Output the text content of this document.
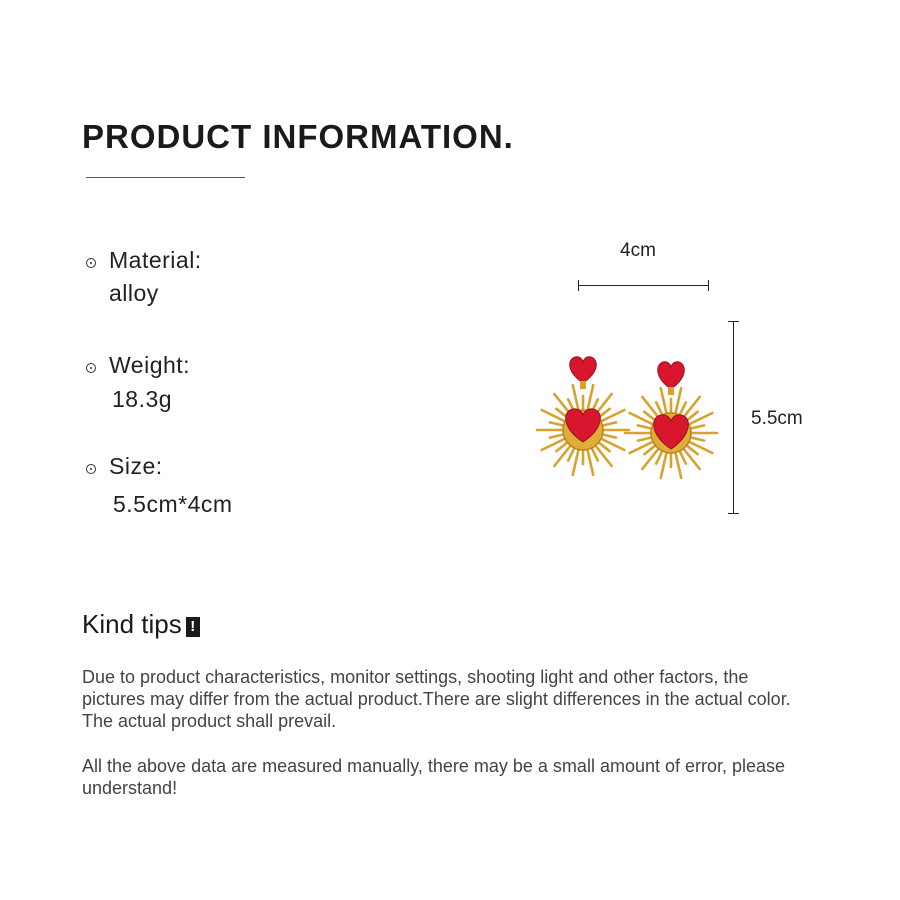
PRODUCT INFORMATION.
Material:
alloy
Weight:
18.3g
Size:
5.5cm*4cm
4cm
5.5cm
Kind tips !

Due to product characteristics, monitor settings, shooting light and other factors, the pictures may differ from the actual product.There are slight differences in the actual color. The actual product shall prevail.

All the above data are measured manually, there may be a small amount of error, please understand!
